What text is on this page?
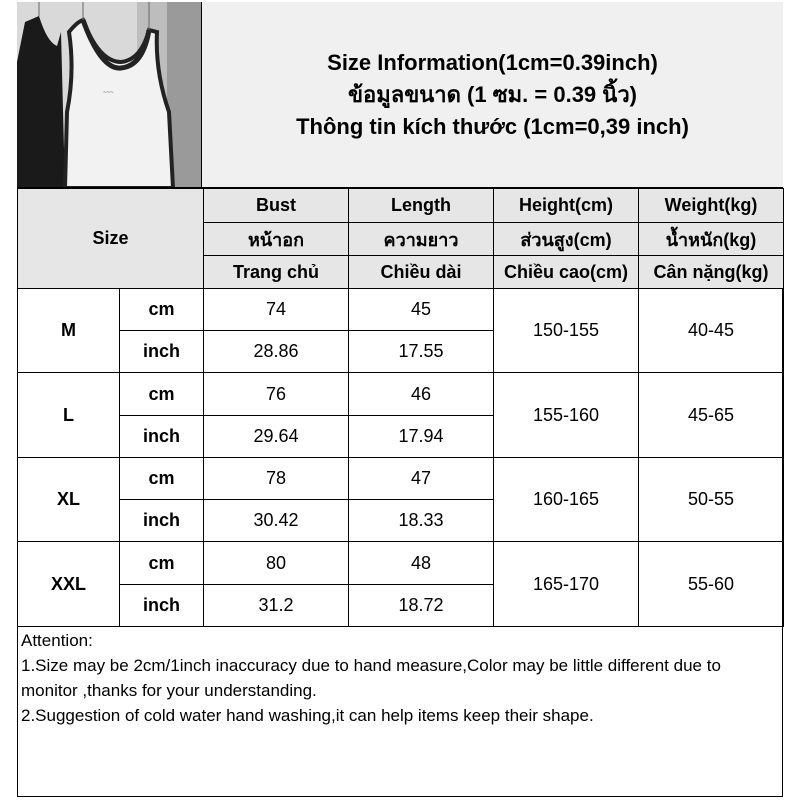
~~~
Size Information(1cm=0.39inch)
ข้อมูลขนาด (1 ซม. = 0.39 นิ้ว)
Thông tin kích thước (1cm=0,39 inch)
Size		Bust	Length	Height(cm)	Weight(kg)
		หน้าอก	ความยาว	ส่วนสูง(cm)	น้ำหนัก(kg)
		Trang chủ	Chiều dài	Chiều cao(cm)	Cân nặng(kg)
M	cm	74	45	150-155	40-45
	inch	28.86	17.55		
L	cm	76	46	155-160	45-65
	inch	29.64	17.94		
XL	cm	78	47	160-165	50-55
	inch	30.42	18.33		
XXL	cm	80	48	165-170	55-60
	inch	31.2	18.72		
Attention:
1.Size may be 2cm/1inch inaccuracy due to hand measure,Color may be little different due to monitor ,thanks for your understanding.
2.Suggestion of cold water hand washing,it can help items keep their shape.
